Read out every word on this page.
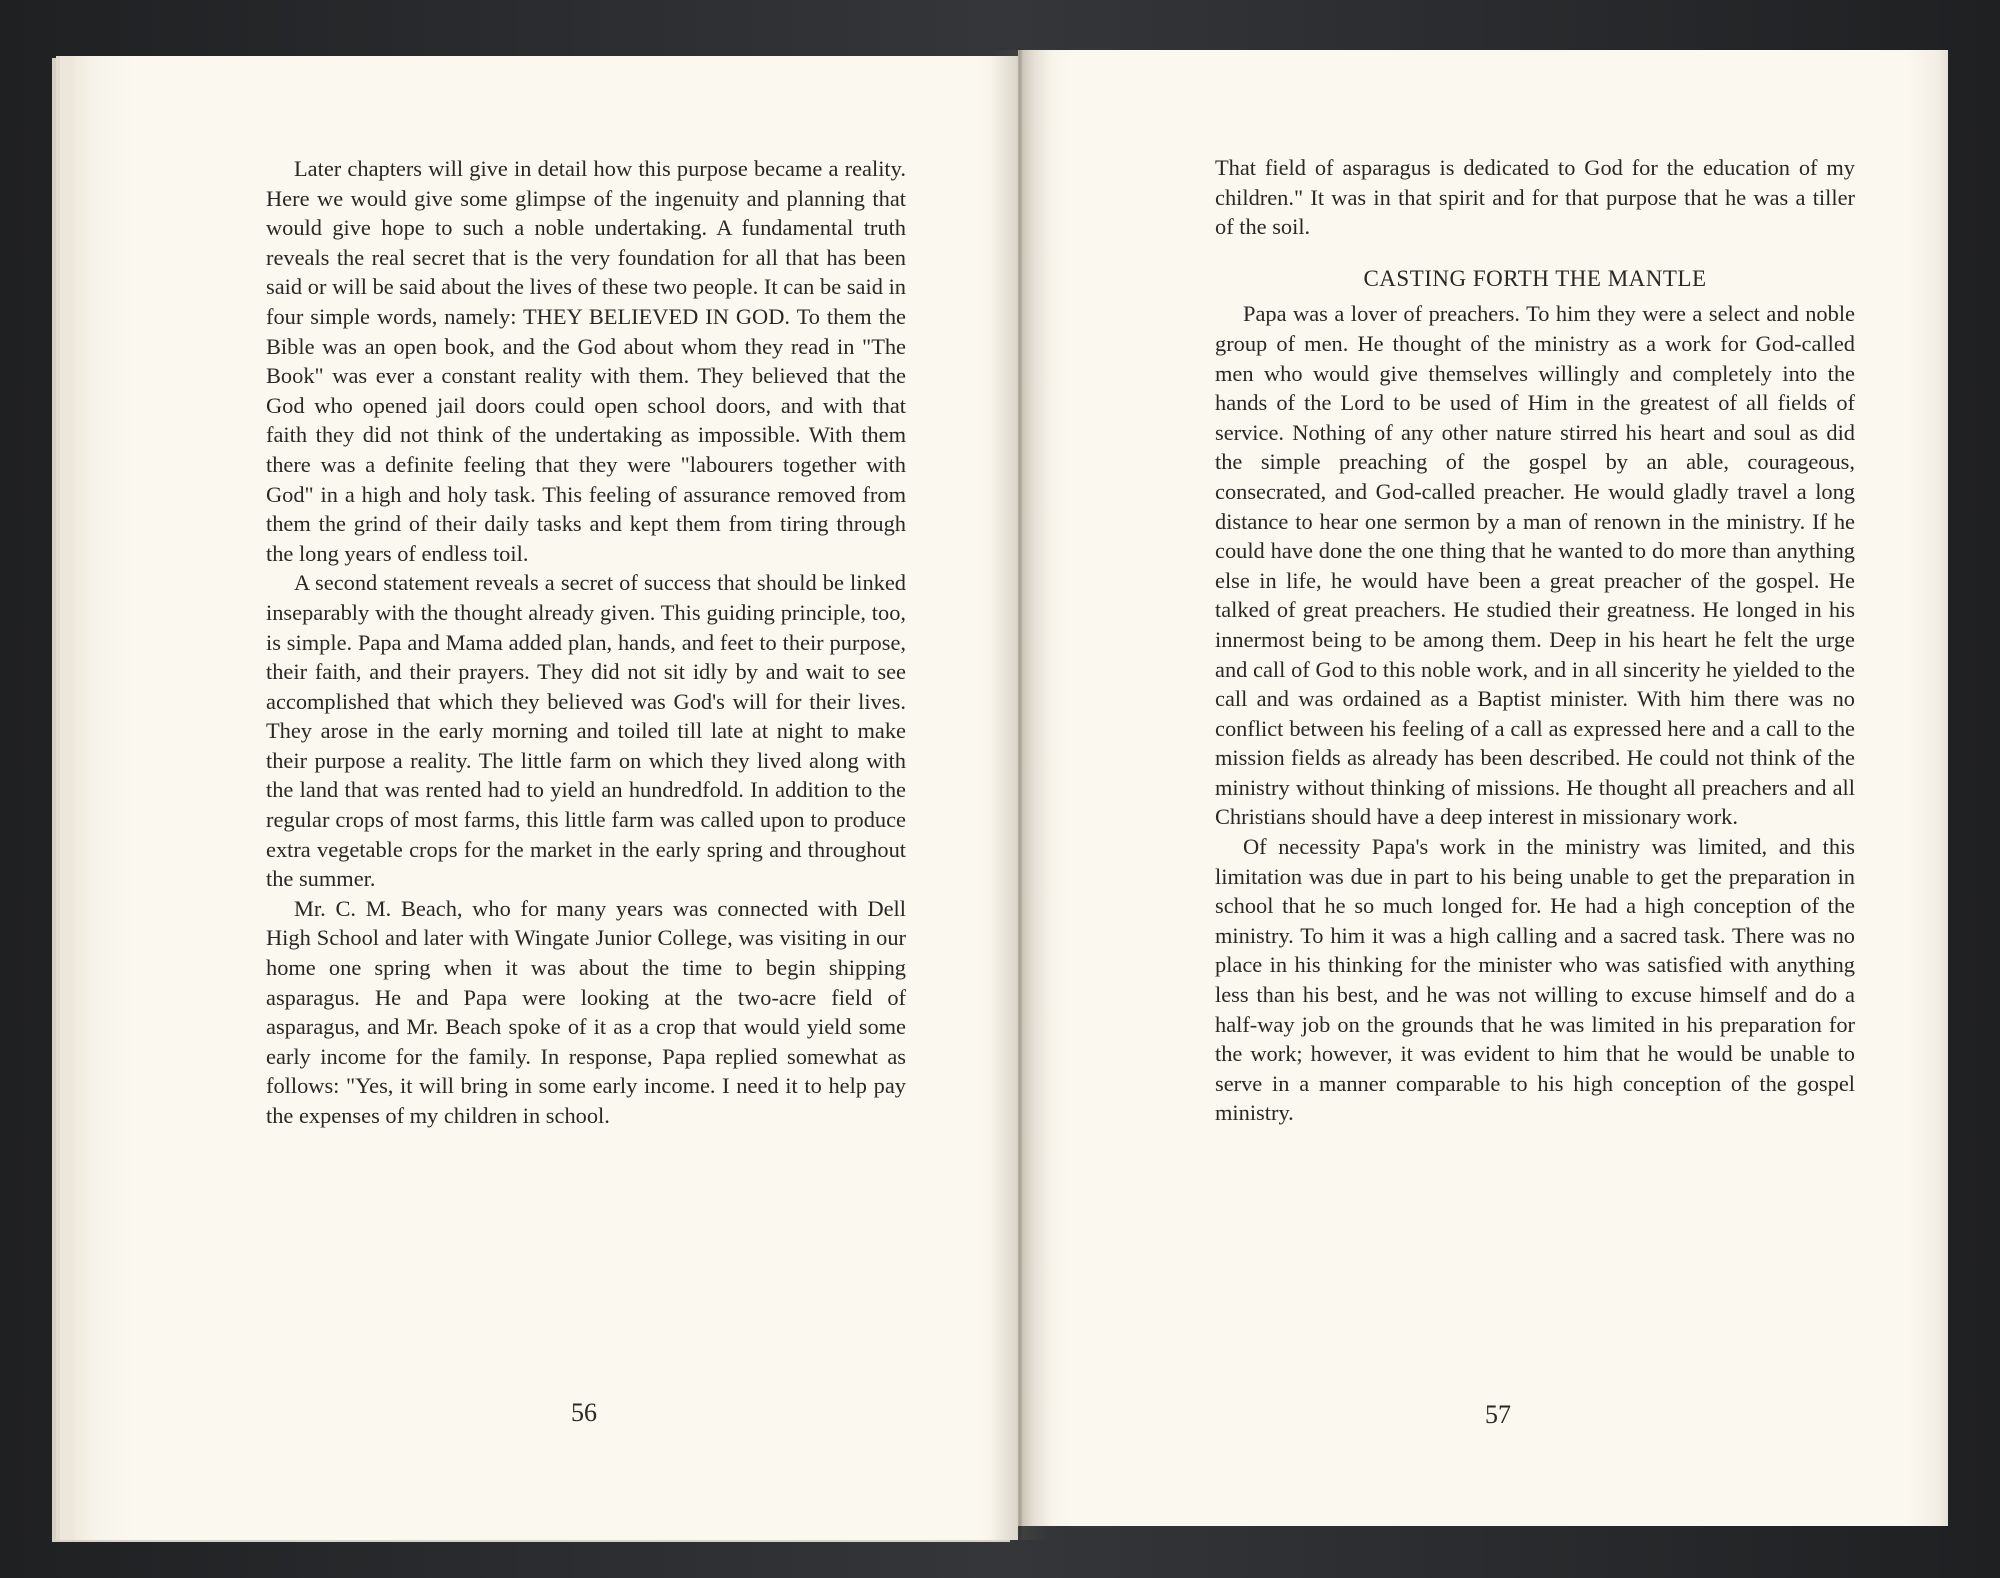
Later chapters will give in detail how this purpose became a reality. Here we would give some glimpse of the ingenuity and planning that would give hope to such a noble undertaking. A fundamental truth reveals the real secret that is the very foundation for all that has been said or will be said about the lives of these two people. It can be said in four simple words, namely: THEY BELIEVED IN GOD. To them the Bible was an open book, and the God about whom they read in "The Book" was ever a constant reality with them. They believed that the God who opened jail doors could open school doors, and with that faith they did not think of the undertaking as impossible. With them there was a definite feeling that they were "labourers together with God" in a high and holy task. This feeling of assurance removed from them the grind of their daily tasks and kept them from tiring through the long years of endless toil.

A second statement reveals a secret of success that should be linked inseparably with the thought already given. This guiding principle, too, is simple. Papa and Mama added plan, hands, and feet to their purpose, their faith, and their prayers. They did not sit idly by and wait to see accomplished that which they believed was God's will for their lives. They arose in the early morning and toiled till late at night to make their purpose a reality. The little farm on which they lived along with the land that was rented had to yield an hundredfold. In addition to the regular crops of most farms, this little farm was called upon to produce extra vegetable crops for the market in the early spring and throughout the summer.

Mr. C. M. Beach, who for many years was connected with Dell High School and later with Wingate Junior College, was visiting in our home one spring when it was about the time to begin shipping asparagus. He and Papa were looking at the two-acre field of asparagus, and Mr. Beach spoke of it as a crop that would yield some early income for the family. In response, Papa replied somewhat as follows: "Yes, it will bring in some early income. I need it to help pay the expenses of my children in school.

56

That field of asparagus is dedicated to God for the education of my children." It was in that spirit and for that purpose that he was a tiller of the soil.

CASTING FORTH THE MANTLE

Papa was a lover of preachers. To him they were a select and noble group of men. He thought of the ministry as a work for God-called men who would give themselves willingly and completely into the hands of the Lord to be used of Him in the greatest of all fields of service. Nothing of any other nature stirred his heart and soul as did the simple preaching of the gospel by an able, courageous, consecrated, and God-called preacher. He would gladly travel a long distance to hear one sermon by a man of renown in the ministry. If he could have done the one thing that he wanted to do more than anything else in life, he would have been a great preacher of the gospel. He talked of great preachers. He studied their greatness. He longed in his innermost being to be among them. Deep in his heart he felt the urge and call of God to this noble work, and in all sincerity he yielded to the call and was ordained as a Baptist minister. With him there was no conflict between his feeling of a call as expressed here and a call to the mission fields as already has been described. He could not think of the ministry without thinking of missions. He thought all preachers and all Christians should have a deep interest in missionary work.

Of necessity Papa's work in the ministry was limited, and this limitation was due in part to his being unable to get the preparation in school that he so much longed for. He had a high conception of the ministry. To him it was a high calling and a sacred task. There was no place in his thinking for the minister who was satisfied with anything less than his best, and he was not willing to excuse himself and do a half-way job on the grounds that he was limited in his preparation for the work; however, it was evident to him that he would be unable to serve in a manner comparable to his high conception of the gospel ministry.

57
